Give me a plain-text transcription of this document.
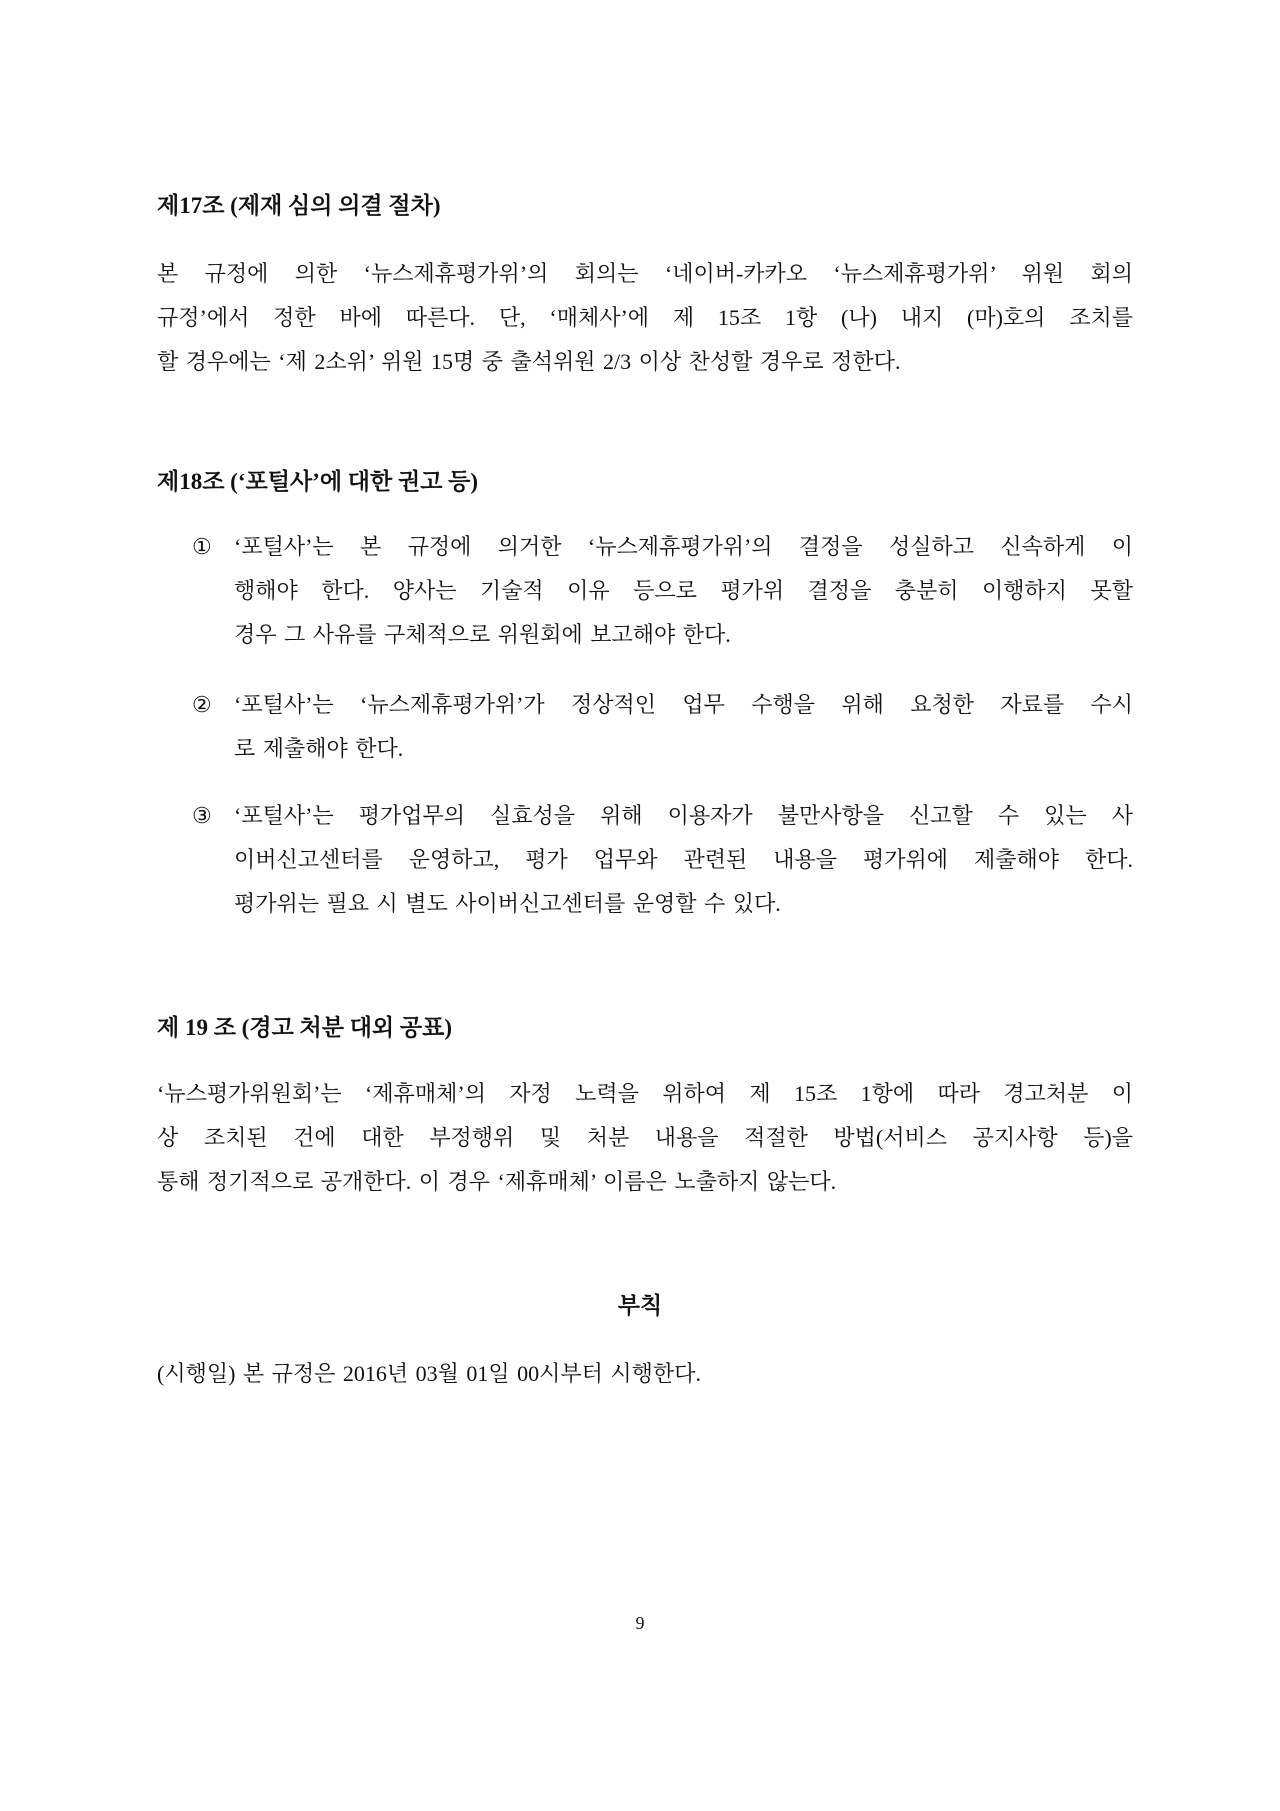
제17조 (제재 심의 의결 절차)
본 규정에 의한 ‘뉴스제휴평가위’의 회의는 ‘네이버-카카오 ‘뉴스제휴평가위’ 위원 회의
규정’에서 정한 바에 따른다. 단, ‘매체사’에 제 15조 1항 (나) 내지 (마)호의 조치를
할 경우에는 ‘제 2소위’ 위원 15명 중 출석위원 2/3 이상 찬성할 경우로 정한다.
제18조 (‘포털사’에 대한 권고 등)
① ‘포털사’는 본 규정에 의거한 ‘뉴스제휴평가위’의 결정을 성실하고 신속하게 이
행해야 한다. 양사는 기술적 이유 등으로 평가위 결정을 충분히 이행하지 못할
경우 그 사유를 구체적으로 위원회에 보고해야 한다.
② ‘포털사’는 ‘뉴스제휴평가위’가 정상적인 업무 수행을 위해 요청한 자료를 수시
로 제출해야 한다.
③ ‘포털사’는 평가업무의 실효성을 위해 이용자가 불만사항을 신고할 수 있는 사
이버신고센터를 운영하고, 평가 업무와 관련된 내용을 평가위에 제출해야 한다.
평가위는 필요 시 별도 사이버신고센터를 운영할 수 있다.
제 19 조 (경고 처분 대외 공표)
‘뉴스평가위원회’는 ‘제휴매체’의 자정 노력을 위하여 제 15조 1항에 따라 경고처분 이
상 조치된 건에 대한 부정행위 및 처분 내용을 적절한 방법(서비스 공지사항 등)을
통해 정기적으로 공개한다. 이 경우 ‘제휴매체’ 이름은 노출하지 않는다.
부칙
(시행일) 본 규정은 2016년 03월 01일 00시부터 시행한다.
9
